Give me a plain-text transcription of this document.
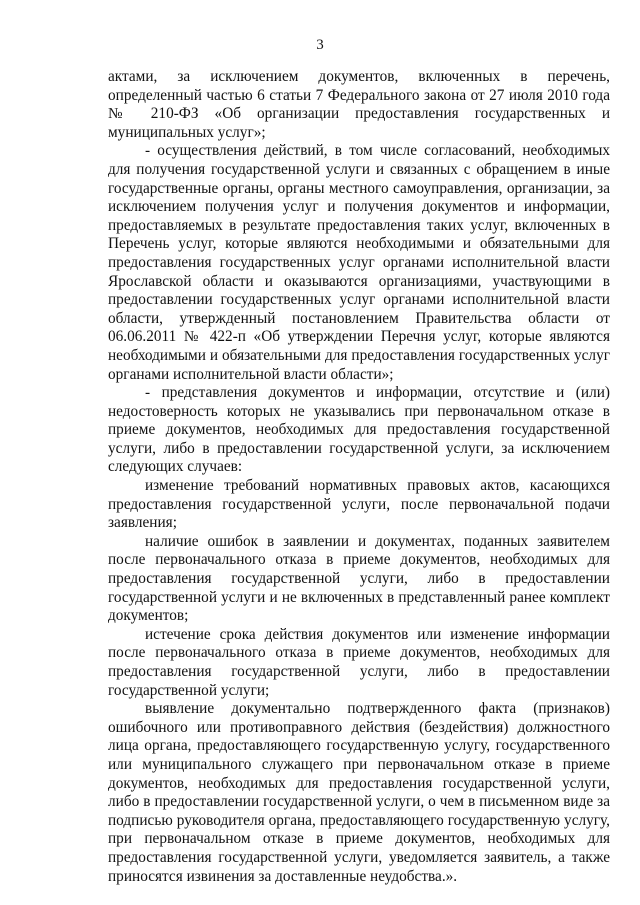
3

актами, за исключением документов, включенных в перечень, определенный частью 6 статьи 7 Федерального закона от 27 июля 2010 года № 210-ФЗ «Об организации предоставления государственных и муниципальных услуг»;

- осуществления действий, в том числе согласований, необходимых для получения государственной услуги и связанных с обращением в иные государственные органы, органы местного самоуправления, организации, за исключением получения услуг и получения документов и информации, предоставляемых в результате предоставления таких услуг, включенных в Перечень услуг, которые являются необходимыми и обязательными для предоставления государственных услуг органами исполнительной власти Ярославской области и оказываются организациями, участвующими в предоставлении государственных услуг органами исполнительной власти области, утвержденный постановлением Правительства области от 06.06.2011 № 422-п «Об утверждении Перечня услуг, которые являются необходимыми и обязательными для предоставления государственных услуг органами исполнительной власти области»;

- представления документов и информации, отсутствие и (или) недостоверность которых не указывались при первоначальном отказе в приеме документов, необходимых для предоставления государственной услуги, либо в предоставлении государственной услуги, за исключением следующих случаев:

изменение требований нормативных правовых актов, касающихся предоставления государственной услуги, после первоначальной подачи заявления;

наличие ошибок в заявлении и документах, поданных заявителем после первоначального отказа в приеме документов, необходимых для предоставления государственной услуги, либо в предоставлении государственной услуги и не включенных в представленный ранее комплект документов;

истечение срока действия документов или изменение информации после первоначального отказа в приеме документов, необходимых для предоставления государственной услуги, либо в предоставлении государственной услуги;

выявление документально подтвержденного факта (признаков) ошибочного или противоправного действия (бездействия) должностного лица органа, предоставляющего государственную услугу, государственного или муниципального служащего при первоначальном отказе в приеме документов, необходимых для предоставления государственной услуги, либо в предоставлении государственной услуги, о чем в письменном виде за подписью руководителя органа, предоставляющего государственную услугу, при первоначальном отказе в приеме документов, необходимых для предоставления государственной услуги, уведомляется заявитель, а также приносятся извинения за доставленные неудобства.».
